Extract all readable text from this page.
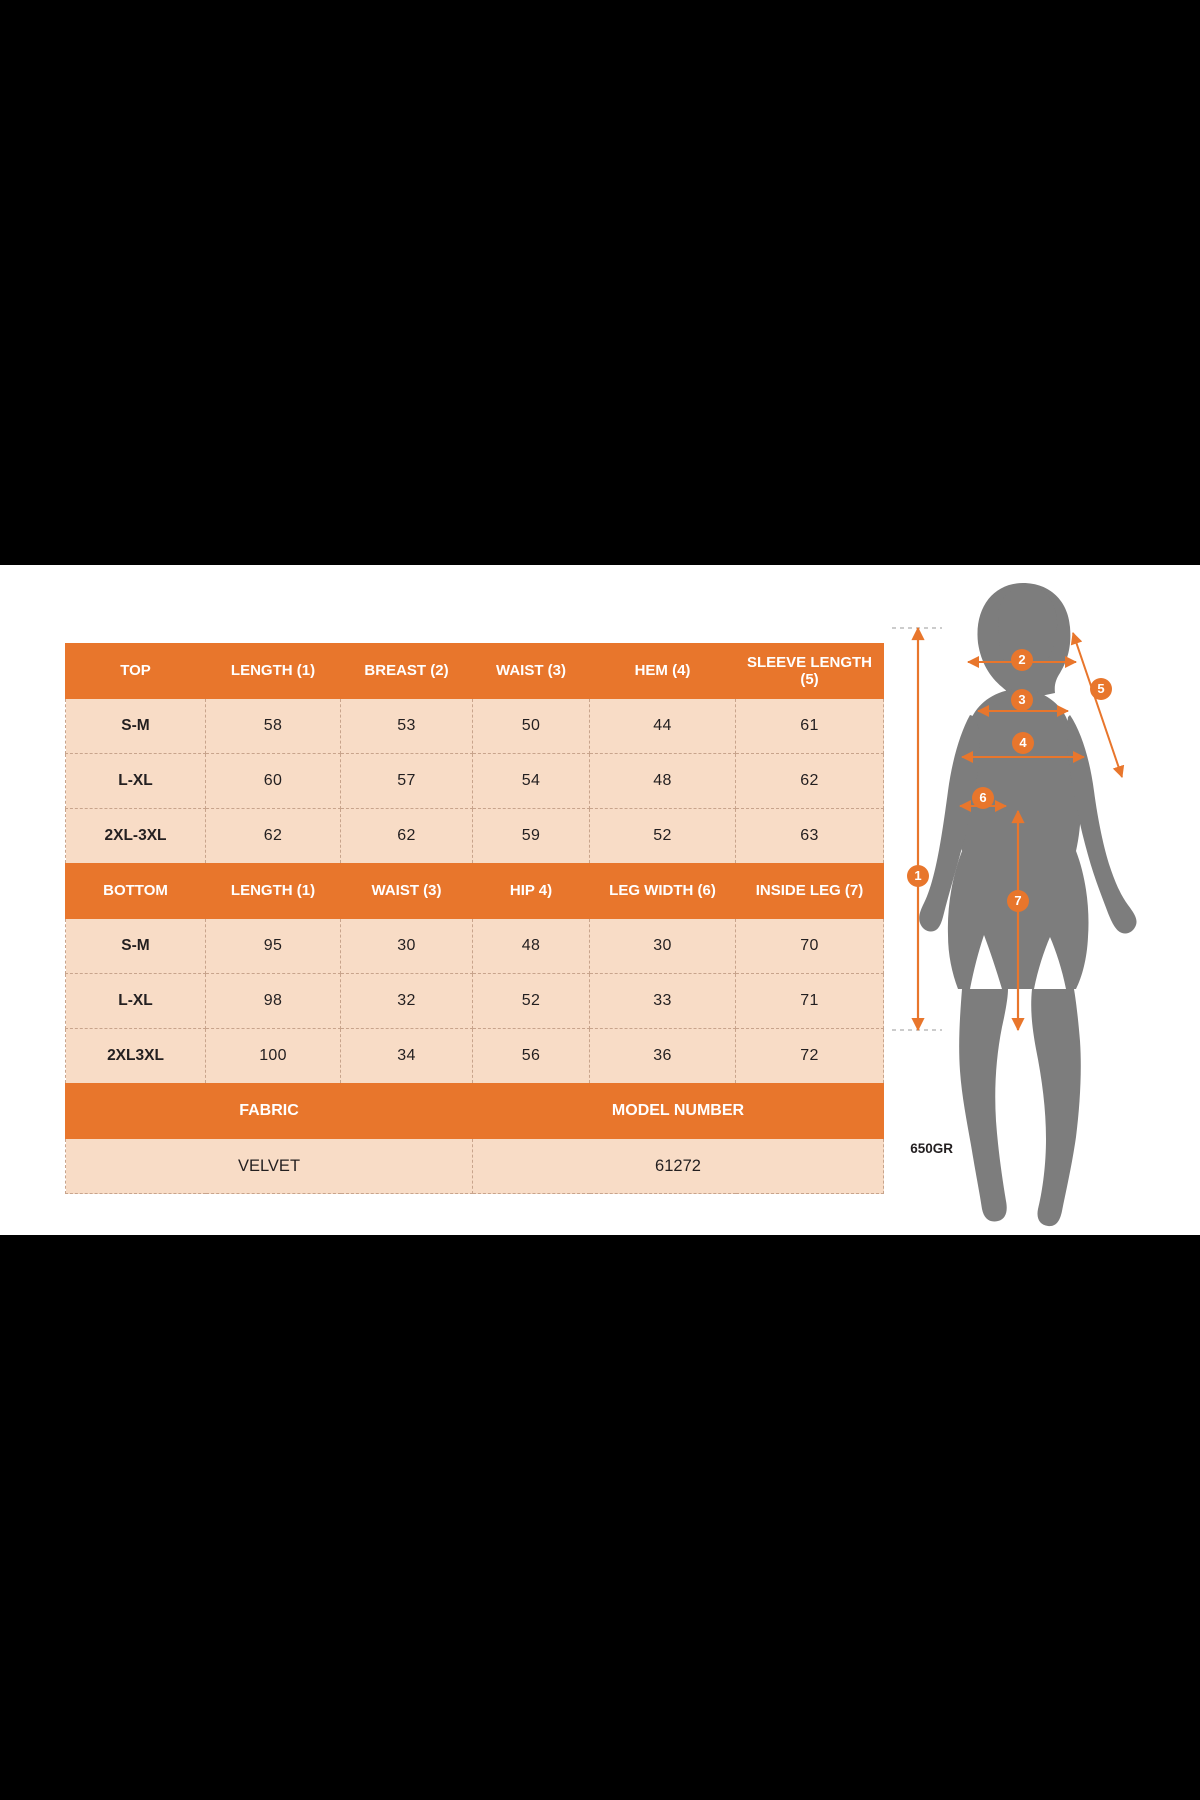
TOP	LENGTH (1)	BREAST (2)	WAIST (3)	HEM (4)	SLEEVE LENGTH (5)
S-M	58	53	50	44	61
L-XL	60	57	54	48	62
2XL-3XL	62	62	59	52	63
BOTTOM	LENGTH (1)	WAIST (3)	HIP 4)	LEG WIDTH (6)	INSIDE LEG (7)
S-M	95	30	48	30	70
L-XL	98	32	52	33	71
2XL3XL	100	34	56	36	72
FABRIC			MODEL NUMBER		
VELVET			61272		
650GR
1
2
3
4
5
6
7
